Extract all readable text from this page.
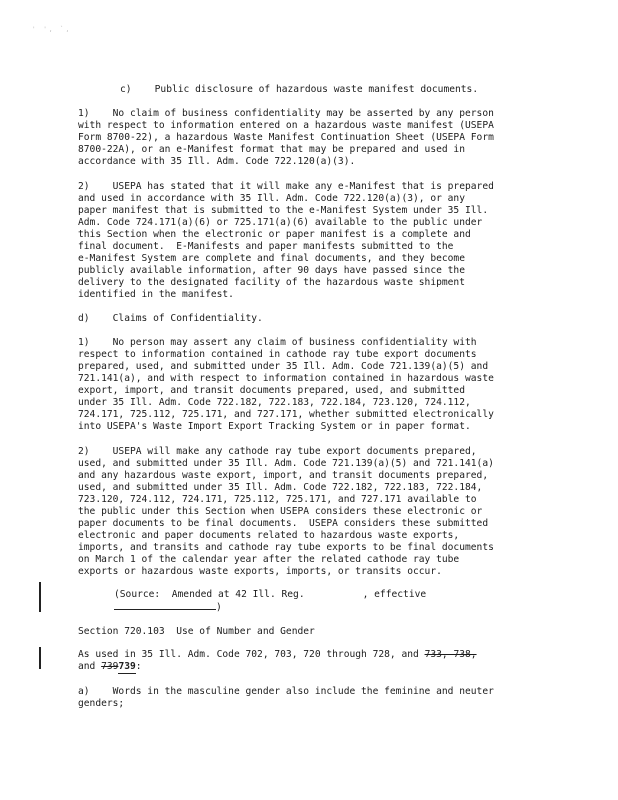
' ', `,
c)    Public disclosure of hazardous waste manifest documents.
1)    No claim of business confidentiality may be asserted by any person
with respect to information entered on a hazardous waste manifest (USEPA
Form 8700-22), a hazardous Waste Manifest Continuation Sheet (USEPA Form
8700-22A), or an e-Manifest format that may be prepared and used in
accordance with 35 Ill. Adm. Code 722.120(a)(3).
2)    USEPA has stated that it will make any e-Manifest that is prepared
and used in accordance with 35 Ill. Adm. Code 722.120(a)(3), or any
paper manifest that is submitted to the e-Manifest System under 35 Ill.
Adm. Code 724.171(a)(6) or 725.171(a)(6) available to the public under
this Section when the electronic or paper manifest is a complete and
final document.  E-Manifests and paper manifests submitted to the
e-Manifest System are complete and final documents, and they become
publicly available information, after 90 days have passed since the
delivery to the designated facility of the hazardous waste shipment
identified in the manifest.
d)    Claims of Confidentiality.
1)    No person may assert any claim of business confidentiality with
respect to information contained in cathode ray tube export documents
prepared, used, and submitted under 35 Ill. Adm. Code 721.139(a)(5) and
721.141(a), and with respect to information contained in hazardous waste
export, import, and transit documents prepared, used, and submitted
under 35 Ill. Adm. Code 722.182, 722.183, 722.184, 723.120, 724.112,
724.171, 725.112, 725.171, and 727.171, whether submitted electronically
into USEPA's Waste Import Export Tracking System or in paper format.
2)    USEPA will make any cathode ray tube export documents prepared,
used, and submitted under 35 Ill. Adm. Code 721.139(a)(5) and 721.141(a)
and any hazardous waste export, import, and transit documents prepared,
used, and submitted under 35 Ill. Adm. Code 722.182, 722.183, 722.184,
723.120, 724.112, 724.171, 725.112, 725.171, and 727.171 available to
the public under this Section when USEPA considers these electronic or
paper documents to be final documents.  USEPA considers these submitted
electronic and paper documents related to hazardous waste exports,
imports, and transits and cathode ray tube exports to be final documents
on March 1 of the calendar year after the related cathode ray tube
exports or hazardous waste exports, imports, or transits occur.
(Source:  Amended at 42 Ill. Reg.	, effective
)
Section 720.103  Use of Number and Gender
As used in 35 Ill. Adm. Code 702, 703, 720 through 728, and 733, 738,
and 739739:
a)    Words in the masculine gender also include the feminine and neuter
genders;
